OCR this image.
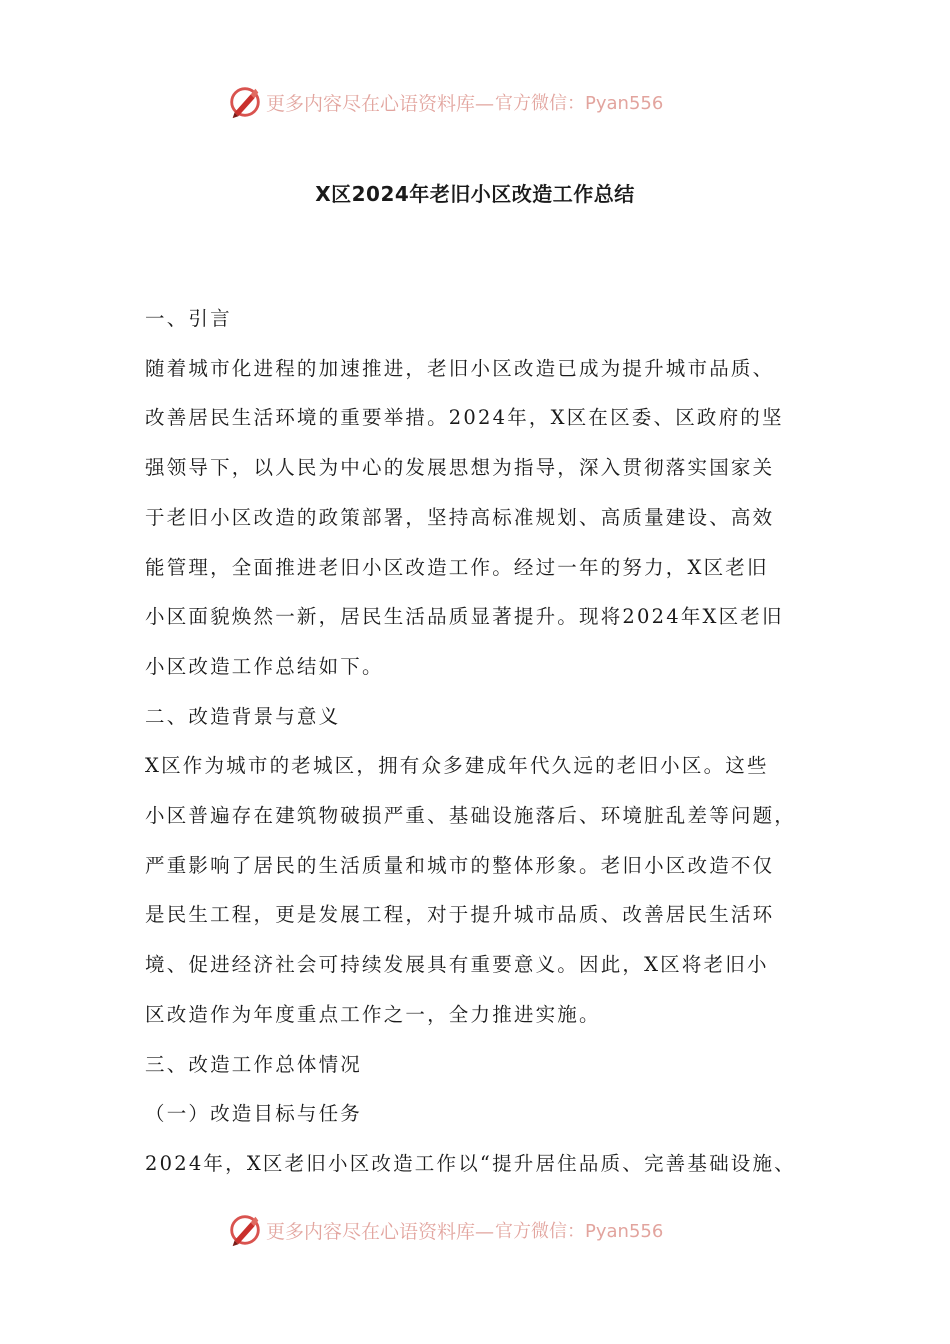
更多内容尽在心语资料库— 官方微信：Pyan556
X区2024年老旧小区改造工作总结

一、引言

随着城市化进程的加速推进，老旧小区改造已成为提升城市品质、

改善居民生活环境的重要举措。2024年，X区在区委、区政府的坚

强领导下，以人民为中心的发展思想为指导，深入贯彻落实国家关

于老旧小区改造的政策部署，坚持高标准规划、高质量建设、高效

能管理，全面推进老旧小区改造工作。经过一年的努力，X区老旧

小区面貌焕然一新，居民生活品质显著提升。现将2024年X区老旧

小区改造工作总结如下。

二、改造背景与意义

X区作为城市的老城区，拥有众多建成年代久远的老旧小区。这些

小区普遍存在建筑物破损严重、基础设施落后、环境脏乱差等问题，

严重影响了居民的生活质量和城市的整体形象。老旧小区改造不仅

是民生工程，更是发展工程，对于提升城市品质、改善居民生活环

境、促进经济社会可持续发展具有重要意义。因此，X区将老旧小

区改造作为年度重点工作之一，全力推进实施。

三、改造工作总体情况

（一）改造目标与任务

2024年，X区老旧小区改造工作以“提升居住品质、完善基础设施、

更多内容尽在心语资料库— 官方微信：Pyan556
